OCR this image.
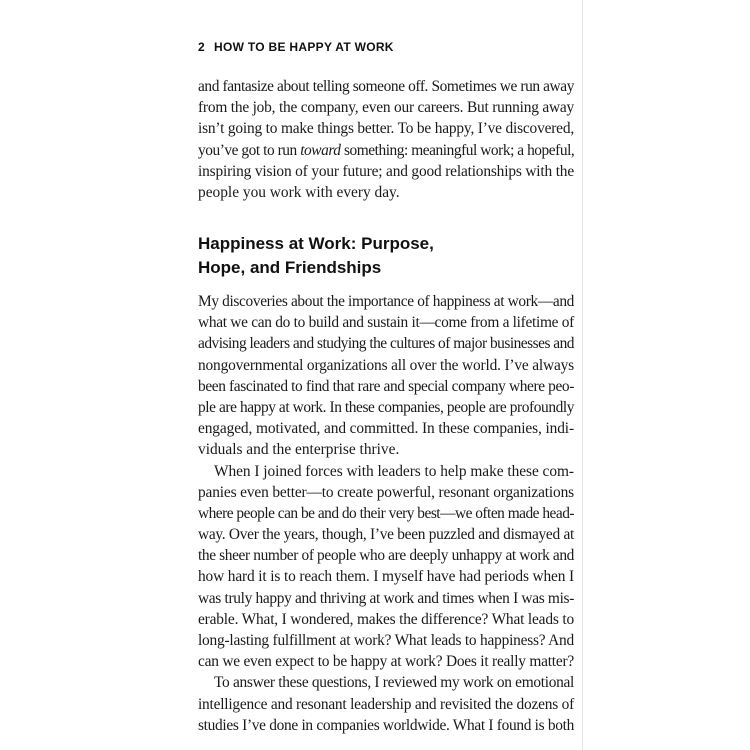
2 HOW TO BE HAPPY AT WORK
and fantasize about telling someone off. Sometimes we run away
from the job, the company, even our careers. But running away
isn’t going to make things better. To be happy, I’ve discovered,
you’ve got to run toward something: meaningful work; a hopeful,
inspiring vision of your future; and good relationships with the
people you work with every day.
Happiness at Work: Purpose,
Hope, and Friendships
My discoveries about the importance of happiness at work—and
what we can do to build and sustain it—come from a lifetime of
advising leaders and studying the cultures of major businesses and
nongovernmental organizations all over the world. I’ve always
been fascinated to find that rare and special company where peo-
ple are happy at work. In these companies, people are profoundly
engaged, motivated, and committed. In these companies, indi-
viduals and the enterprise thrive.
When I joined forces with leaders to help make these com-
panies even better—to create powerful, resonant organizations
where people can be and do their very best—we often made head-
way. Over the years, though, I’ve been puzzled and dismayed at
the sheer number of people who are deeply unhappy at work and
how hard it is to reach them. I myself have had periods when I
was truly happy and thriving at work and times when I was mis-
erable. What, I wondered, makes the difference? What leads to
long-lasting fulfillment at work? What leads to happiness? And
can we even expect to be happy at work? Does it really matter?
To answer these questions, I reviewed my work on emotional
intelligence and resonant leadership and revisited the dozens of
studies I’ve done in companies worldwide. What I found is both
